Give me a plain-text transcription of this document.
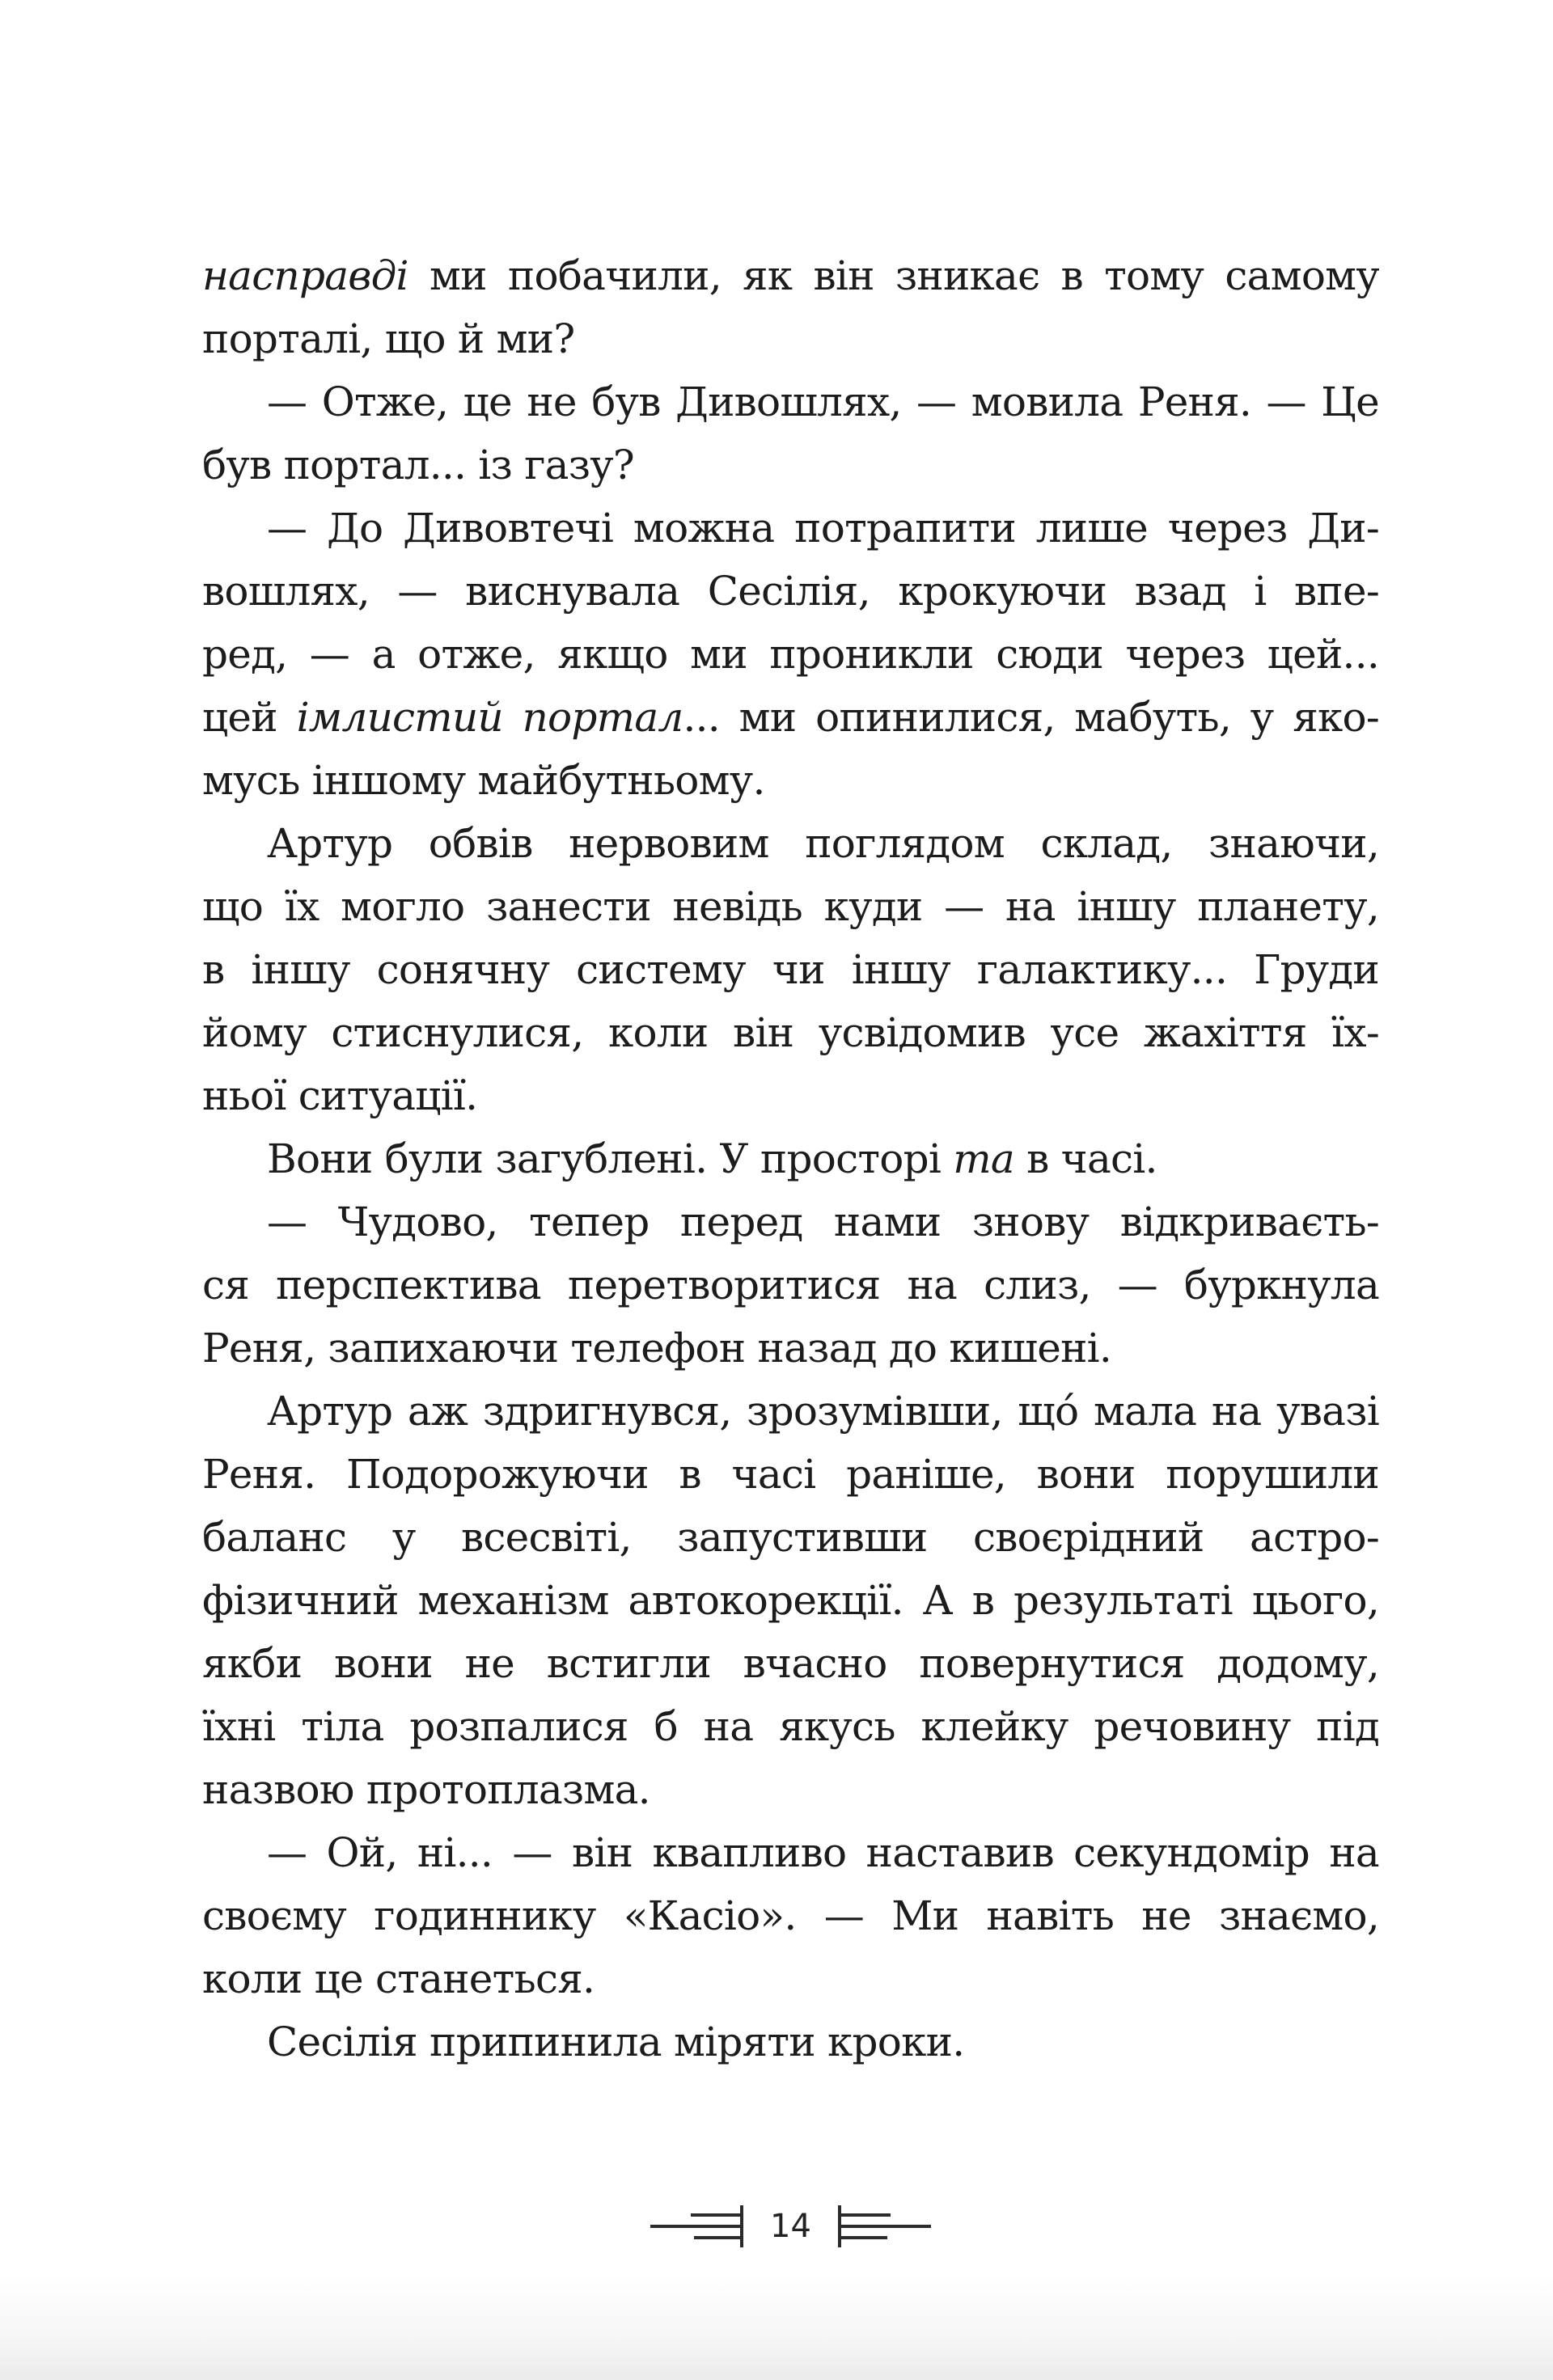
насправді ми побачили, як він зникає в тому самому
порталі, що й ми?
— Отже, це не був Дивошлях, — мовила Реня. — Це
був портал... із газу?
— До Дивовтечі можна потрапити лише через Ди-
вошлях, — виснувала Сесілія, крокуючи взад і впе-
ред, — а отже, якщо ми проникли сюди через цей...
цей імлистий портал... ми опинилися, мабуть, у яко-
мусь іншому майбутньому.
Артур обвів нервовим поглядом склад, знаючи,
що їх могло занести невідь куди — на іншу планету,
в іншу сонячну систему чи іншу галактику... Груди
йому стиснулися, коли він усвідомив усе жахіття їх-
ньої ситуації.
Вони були загублені. У просторі та в часі.
— Чудово, тепер перед нами знову відкриваєть-
ся перспектива перетворитися на слиз, — буркнула
Реня, запихаючи телефон назад до кишені.
Артур аж здригнувся, зрозумівши, що́ мала на увазі
Реня. Подорожуючи в часі раніше, вони порушили
баланс у всесвіті, запустивши своєрідний астро-
фізичний механізм автокорекції. А в результаті цього,
якби вони не встигли вчасно повернутися додому,
їхні тіла розпалися б на якусь клейку речовину під
назвою протоплазма.
— Ой, ні... — він квапливо наставив секундомір на
своєму годиннику «Касіо». — Ми навіть не знаємо,
коли це станеться.
Сесілія припинила міряти кроки.
14
